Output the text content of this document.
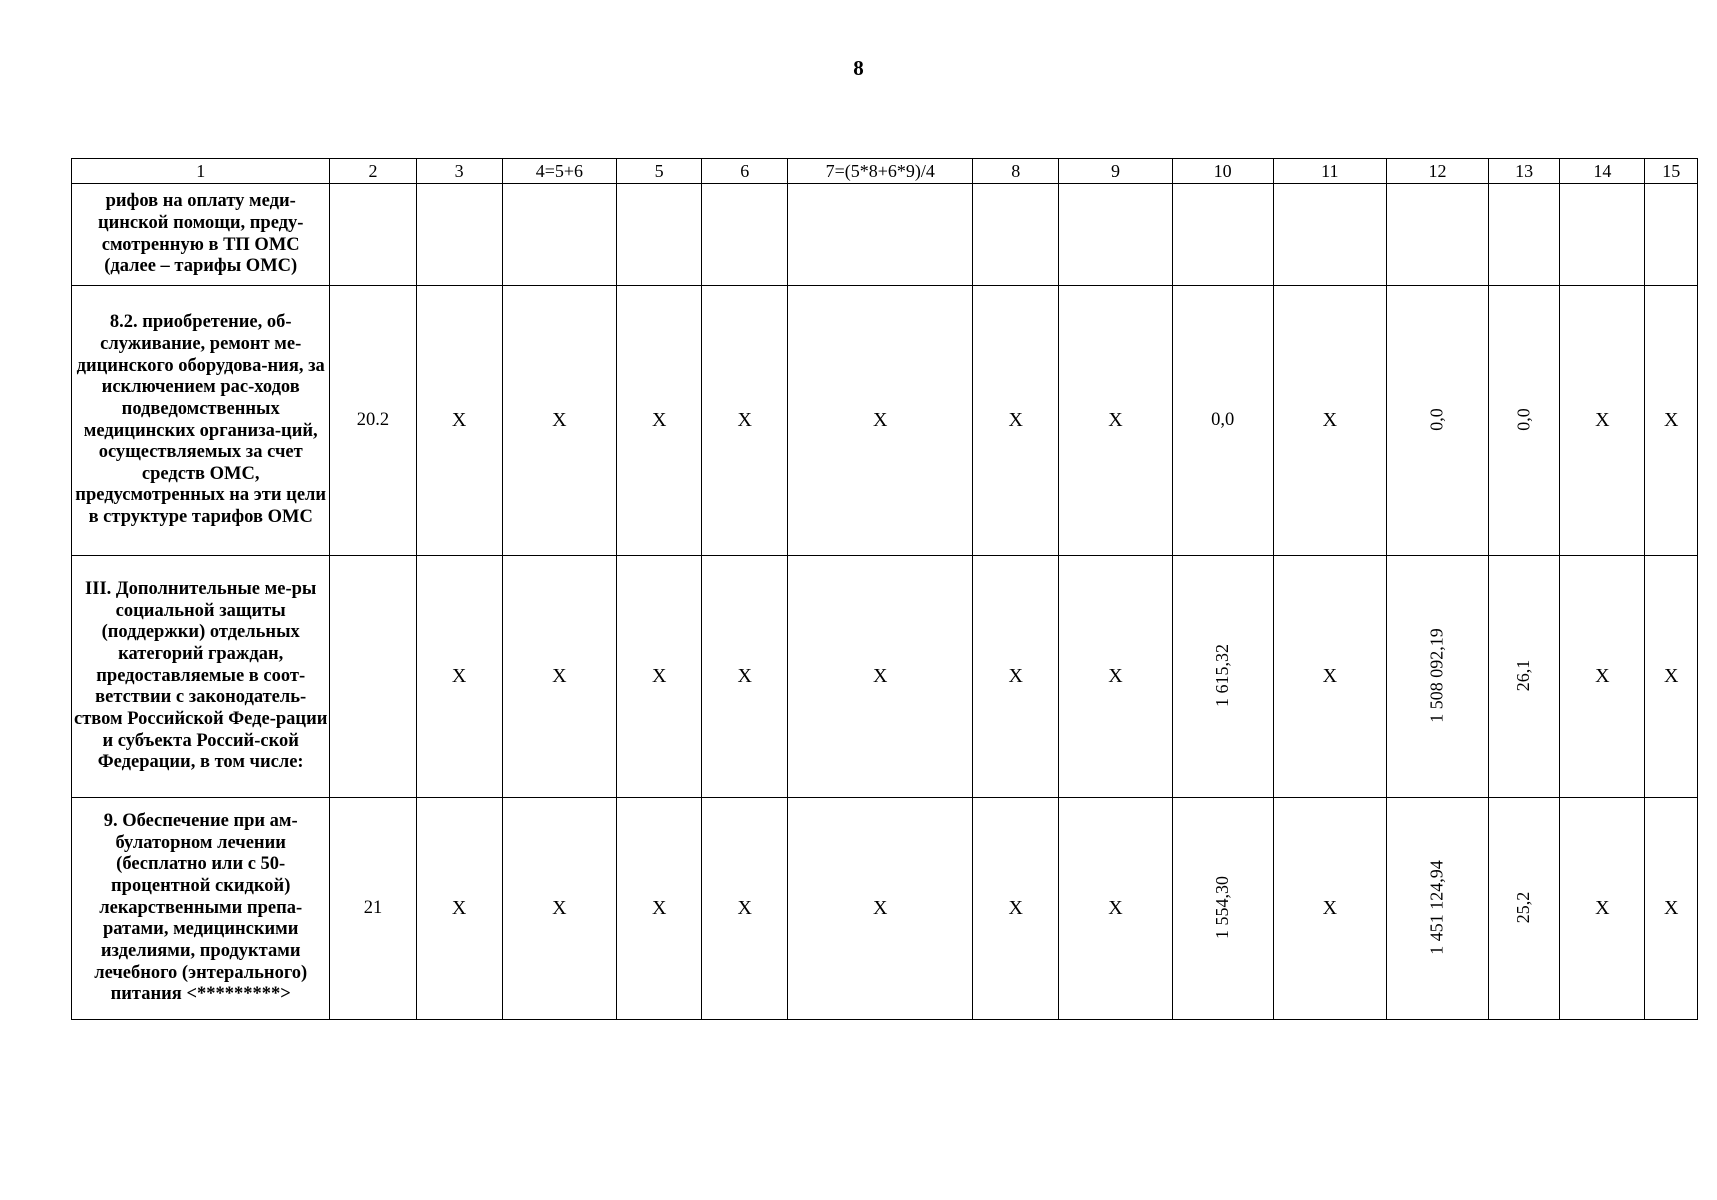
8
1	2	3	4=5+6	5	6	7=(5*8+6*9)/4	8	9	10	11	12	13	14	15
рифов на оплату меди-цинской помощи, преду-смотренную в ТП ОМС (далее – тарифы ОМС)														
8.2. приобретение, об-служивание, ремонт ме-дицинского оборудова-ния, за исключением рас-ходов подведомственных медицинских организа-ций, осуществляемых за счет средств ОМС, предусмотренных на эти цели в структуре тарифов ОМС	20.2	X	X	X	X	X	X	X	0,0	X	0,0	0,0	X	X
III. Дополнительные ме-ры социальной защиты (поддержки) отдельных категорий граждан, предоставляемые в соот-ветствии с законодатель-ством Российской Феде-рации и субъекта Россий-ской Федерации, в том числе:		X	X	X	X	X	X	X	1 615,32	X	1 508 092,19	26,1	X	X
9. Обеспечение при ам-булаторном лечении (бесплатно или с 50-процентной скидкой) лекарственными препа-ратами, медицинскими изделиями, продуктами лечебного (энтерального) питания <*********>	21	X	X	X	X	X	X	X	1 554,30	X	1 451 124,94	25,2	X	X
